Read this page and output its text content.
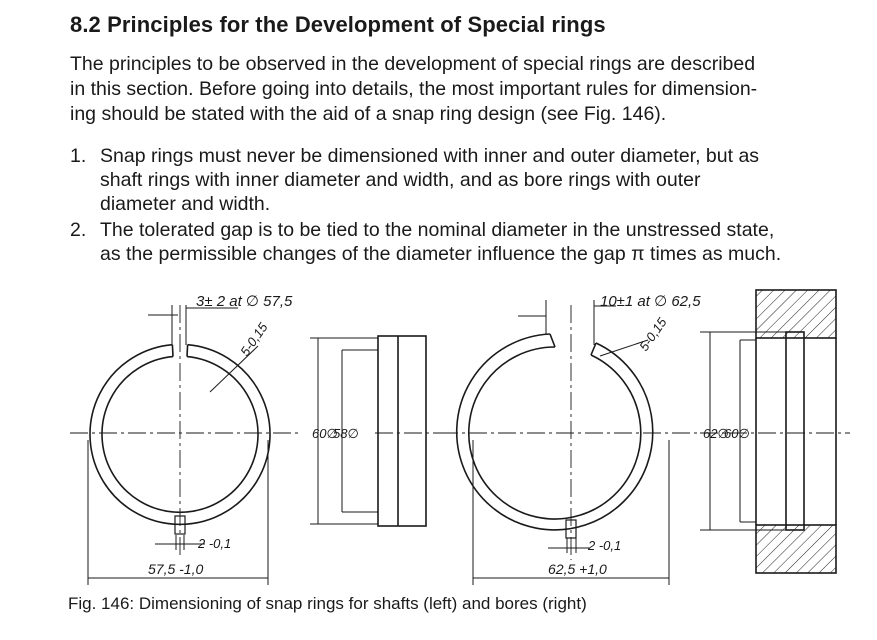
8.2 Principles for the Development of Special rings
The principles to be observed in the development of special rings are described
in this section. Before going into details, the most important rules for dimension-
ing should be stated with the aid of a snap ring design (see Fig. 146).
1. Snap rings must never be dimensioned with inner and outer diameter, but as
shaft rings with inner diameter and width, and as bore rings with outer
diameter and width.
2. The tolerated gap is to be tied to the nominal diameter in the unstressed state,
as the permissible changes of the diameter influence the gap π times as much.
3± 2 at ∅ 57,5
5-0,15
60∅
58∅
2 -0,1
57,5 -1,0
10±1 at ∅ 62,5
5-0,15
62∅
60∅
2 -0,1
62,5 +1,0
Fig. 146: Dimensioning of snap rings for shafts (left) and bores (right)
